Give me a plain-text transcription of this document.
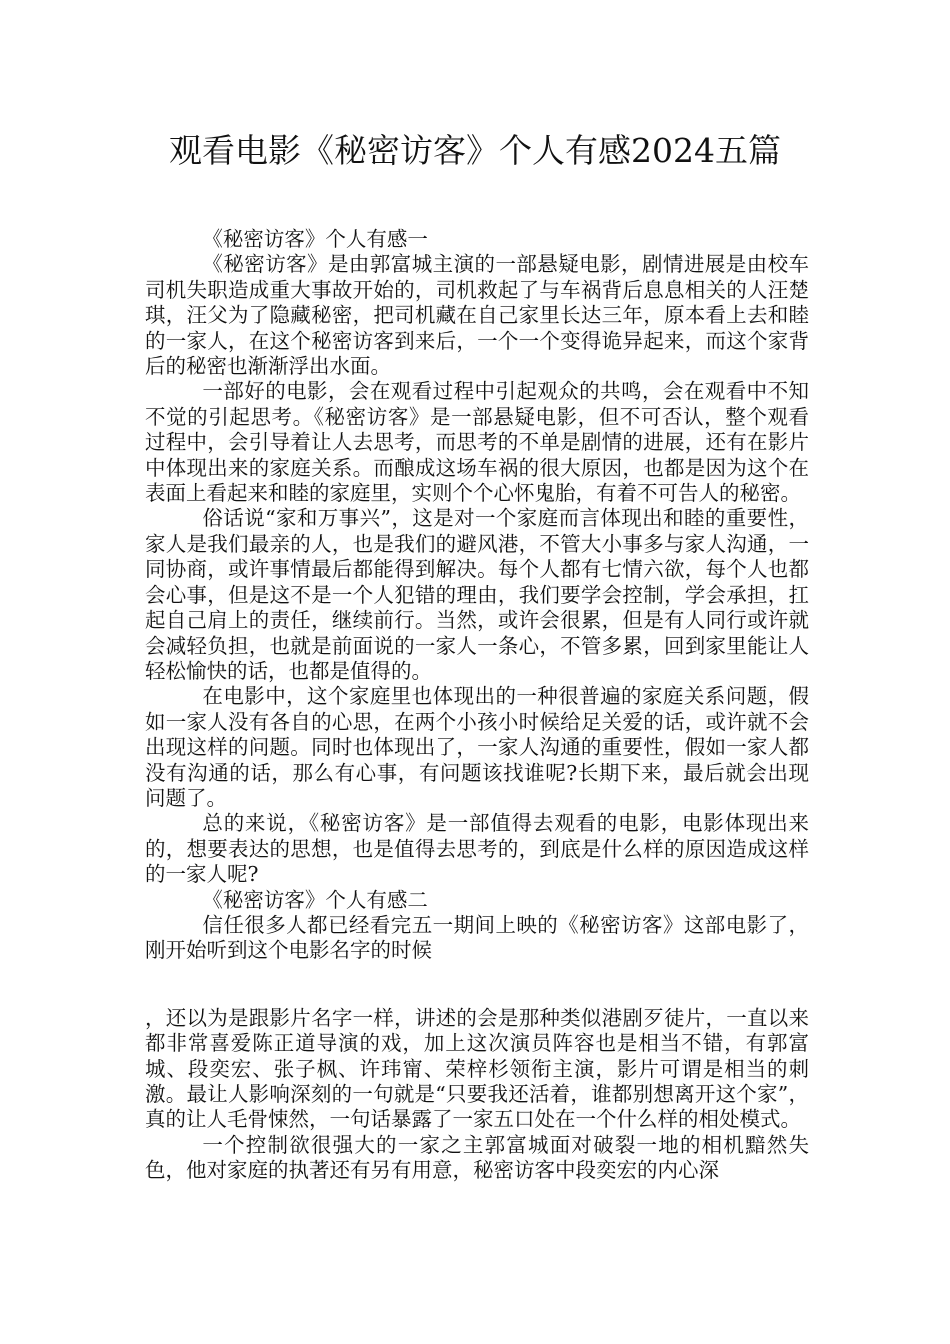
观看电影《秘密访客》个人有感2024五篇

《秘密访客》个人有感一

《秘密访客》是由郭富城主演的一部悬疑电影，剧情进展是由校车司机失职造成重大事故开始的，司机救起了与车祸背后息息相关的人汪楚琪，汪父为了隐藏秘密，把司机藏在自己家里长达三年，原本看上去和睦的一家人，在这个秘密访客到来后，一个一个变得诡异起来，而这个家背后的秘密也渐渐浮出水面。

一部好的电影，会在观看过程中引起观众的共鸣，会在观看中不知不觉的引起思考。《秘密访客》是一部悬疑电影，但不可否认，整个观看过程中，会引导着让人去思考，而思考的不单是剧情的进展，还有在影片中体现出来的家庭关系。而酿成这场车祸的很大原因，也都是因为这个在表面上看起来和睦的家庭里，实则个个心怀鬼胎，有着不可告人的秘密。

俗话说“家和万事兴”，这是对一个家庭而言体现出和睦的重要性，家人是我们最亲的人，也是我们的避风港，不管大小事多与家人沟通，一同协商，或许事情最后都能得到解决。每个人都有七情六欲，每个人也都会心事，但是这不是一个人犯错的理由，我们要学会控制，学会承担，扛起自己肩上的责任，继续前行。当然，或许会很累，但是有人同行或许就会减轻负担，也就是前面说的一家人一条心，不管多累，回到家里能让人轻松愉快的话，也都是值得的。

在电影中，这个家庭里也体现出的一种很普遍的家庭关系问题，假如一家人没有各自的心思，在两个小孩小时候给足关爱的话，或许就不会出现这样的问题。同时也体现出了，一家人沟通的重要性，假如一家人都没有沟通的话，那么有心事，有问题该找谁呢?长期下来，最后就会出现问题了。

总的来说，《秘密访客》是一部值得去观看的电影，电影体现出来的，想要表达的思想，也是值得去思考的，到底是什么样的原因造成这样的一家人呢?

《秘密访客》个人有感二

信任很多人都已经看完五一期间上映的《秘密访客》这部电影了，刚开始听到这个电影名字的时候

，还以为是跟影片名字一样，讲述的会是那种类似港剧歹徒片，一直以来都非常喜爱陈正道导演的戏，加上这次演员阵容也是相当不错，有郭富城、段奕宏、张子枫、许玮甯、荣梓杉领衔主演，影片可谓是相当的刺激。最让人影响深刻的一句就是“只要我还活着，谁都别想离开这个家”，真的让人毛骨悚然，一句话暴露了一家五口处在一个什么样的相处模式。

一个控制欲很强大的一家之主郭富城面对破裂一地的相机黯然失色，他对家庭的执著还有另有用意，秘密访客中段奕宏的内心深
